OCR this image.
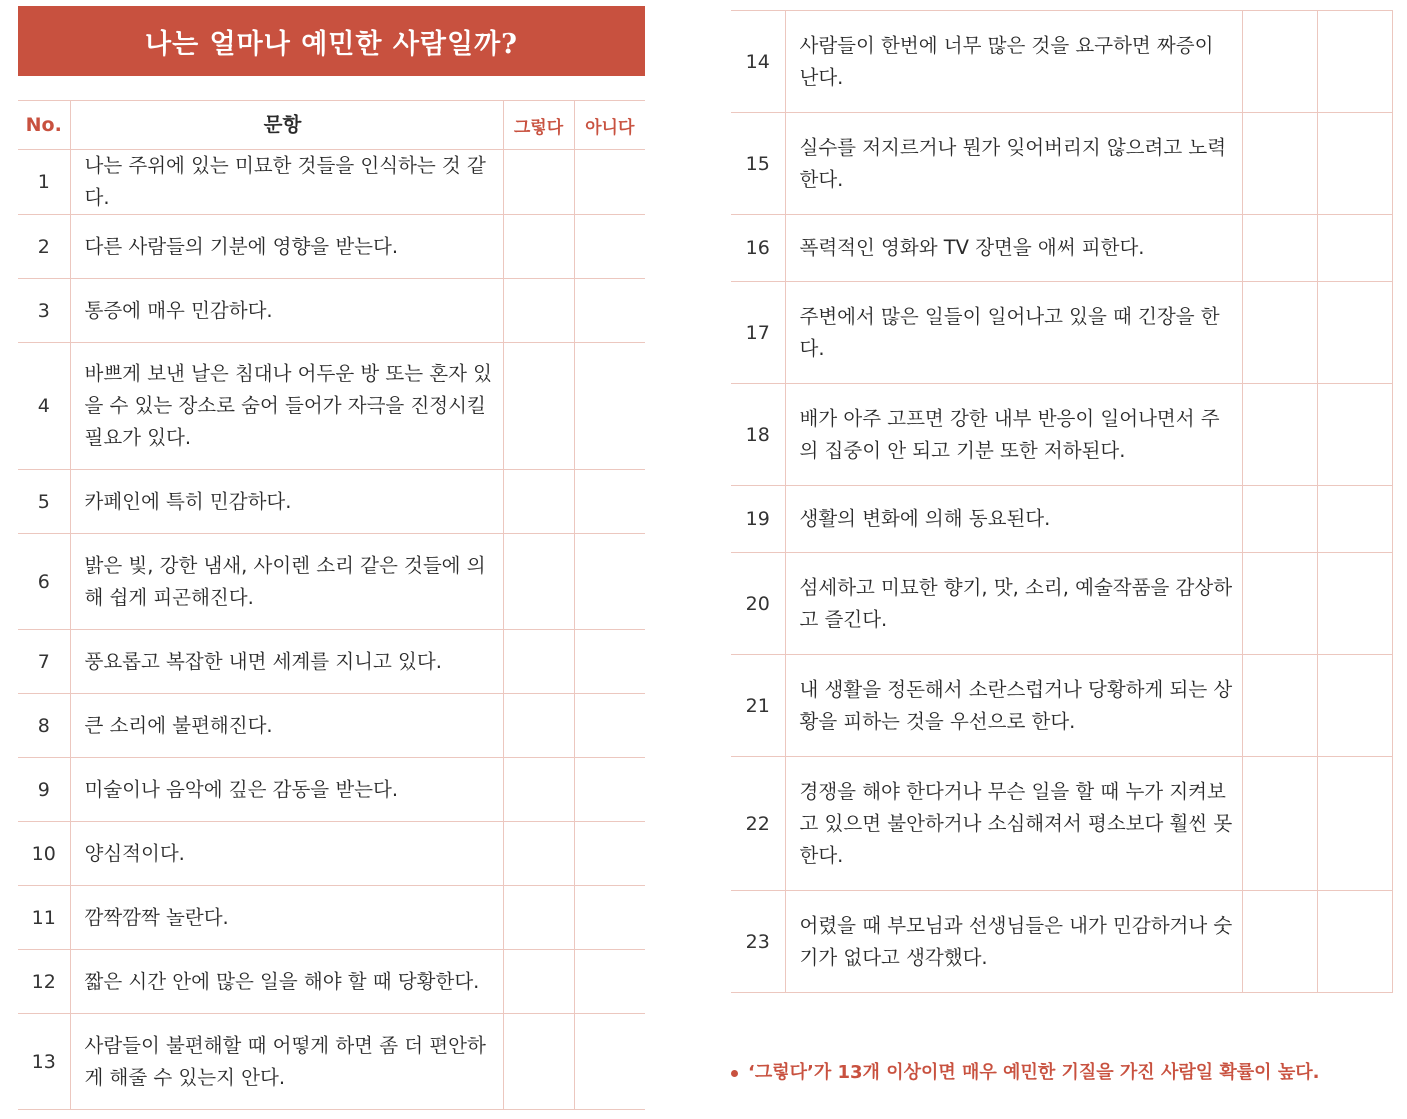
나는 얼마나 예민한 사람일까?
No.	문항	그렇다	아니다
1	나는 주위에 있는 미묘한 것들을 인식하는 것 같다.		
2	다른 사람들의 기분에 영향을 받는다.		
3	통증에 매우 민감하다.		
4	바쁘게 보낸 날은 침대나 어두운 방 또는 혼자 있을 수 있는 장소로 숨어 들어가 자극을 진정시킬 필요가 있다.		
5	카페인에 특히 민감하다.		
6	밝은 빛, 강한 냄새, 사이렌 소리 같은 것들에 의해 쉽게 피곤해진다.		
7	풍요롭고 복잡한 내면 세계를 지니고 있다.		
8	큰 소리에 불편해진다.		
9	미술이나 음악에 깊은 감동을 받는다.		
10	양심적이다.		
11	깜짝깜짝 놀란다.		
12	짧은 시간 안에 많은 일을 해야 할 때 당황한다.		
13	사람들이 불편해할 때 어떻게 하면 좀 더 편안하게 해줄 수 있는지 안다.		
14	사람들이 한번에 너무 많은 것을 요구하면 짜증이 난다.		
15	실수를 저지르거나 뭔가 잊어버리지 않으려고 노력한다.		
16	폭력적인 영화와 TV 장면을 애써 피한다.		
17	주변에서 많은 일들이 일어나고 있을 때 긴장을 한다.		
18	배가 아주 고프면 강한 내부 반응이 일어나면서 주의 집중이 안 되고 기분 또한 저하된다.		
19	생활의 변화에 의해 동요된다.		
20	섬세하고 미묘한 향기, 맛, 소리, 예술작품을 감상하고 즐긴다.		
21	내 생활을 정돈해서 소란스럽거나 당황하게 되는 상황을 피하는 것을 우선으로 한다.		
22	경쟁을 해야 한다거나 무슨 일을 할 때 누가 지켜보고 있으면 불안하거나 소심해져서 평소보다 훨씬 못한다.		
23	어렸을 때 부모님과 선생님들은 내가 민감하거나 숫기가 없다고 생각했다.		
‘그렇다’가 13개 이상이면 매우 예민한 기질을 가진 사람일 확률이 높다.
